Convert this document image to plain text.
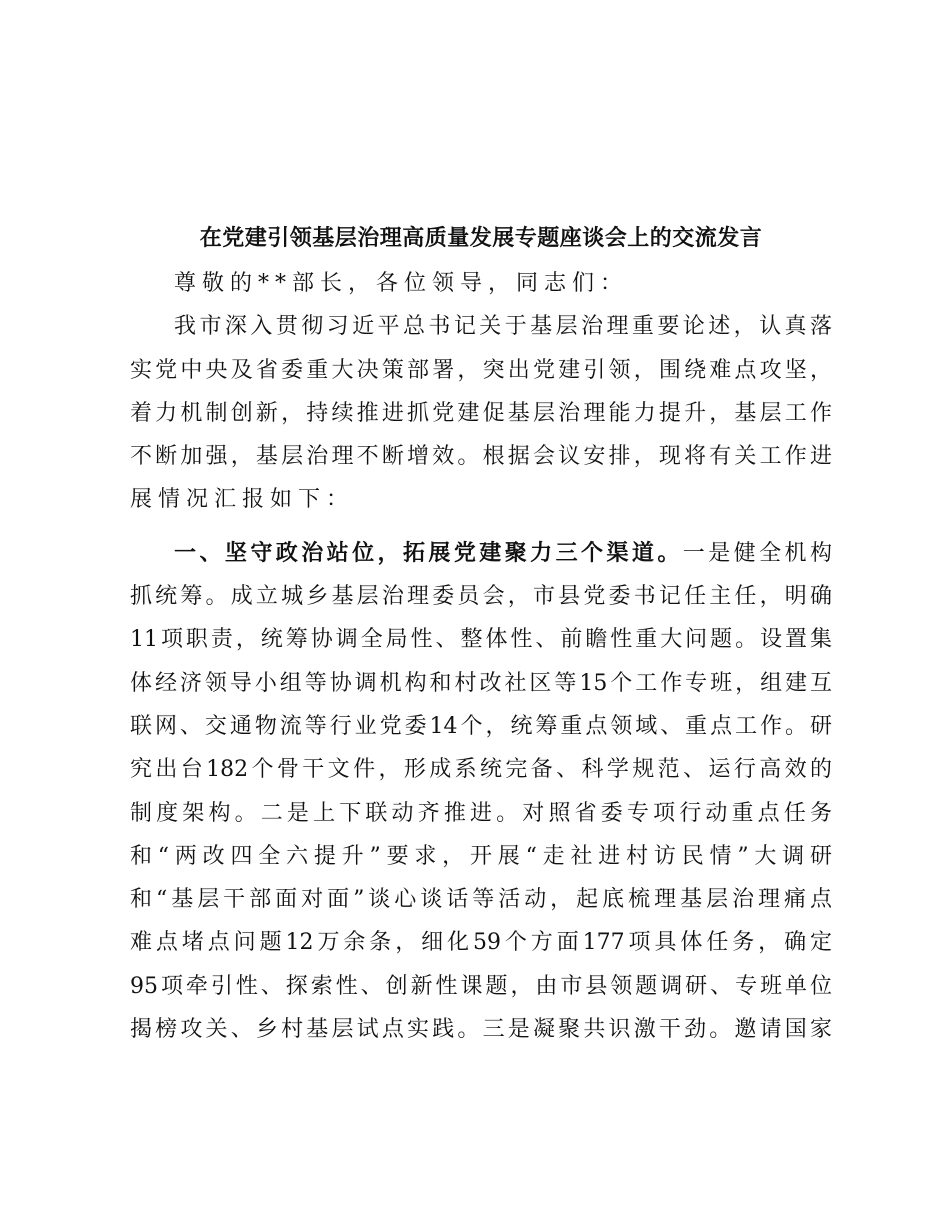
在党建引领基层治理高质量发展专题座谈会上的交流发言
尊敬的**部长，各位领导，同志们：
我市深入贯彻习近平总书记关于基层治理重要论述，认真落
实党中央及省委重大决策部署，突出党建引领，围绕难点攻坚，
着力机制创新，持续推进抓党建促基层治理能力提升，基层工作
不断加强，基层治理不断增效。根据会议安排，现将有关工作进
展情况汇报如下：
一、坚守政治站位，拓展党建聚力三个渠道。一是健全机构
抓统筹。成立城乡基层治理委员会，市县党委书记任主任，明确
11项职责，统筹协调全局性、整体性、前瞻性重大问题。设置集
体经济领导小组等协调机构和村改社区等15个工作专班，组建互
联网、交通物流等行业党委14个，统筹重点领域、重点工作。研
究出台182个骨干文件，形成系统完备、科学规范、运行高效的
制度架构。二是上下联动齐推进。对照省委专项行动重点任务
和“两改四全六提升”要求，开展“走社进村访民情”大调研
和“基层干部面对面”谈心谈话等活动，起底梳理基层治理痛点
难点堵点问题12万余条，细化59个方面177项具体任务，确定
95项牵引性、探索性、创新性课题，由市县领题调研、专班单位
揭榜攻关、乡村基层试点实践。三是凝聚共识激干劲。邀请国家
